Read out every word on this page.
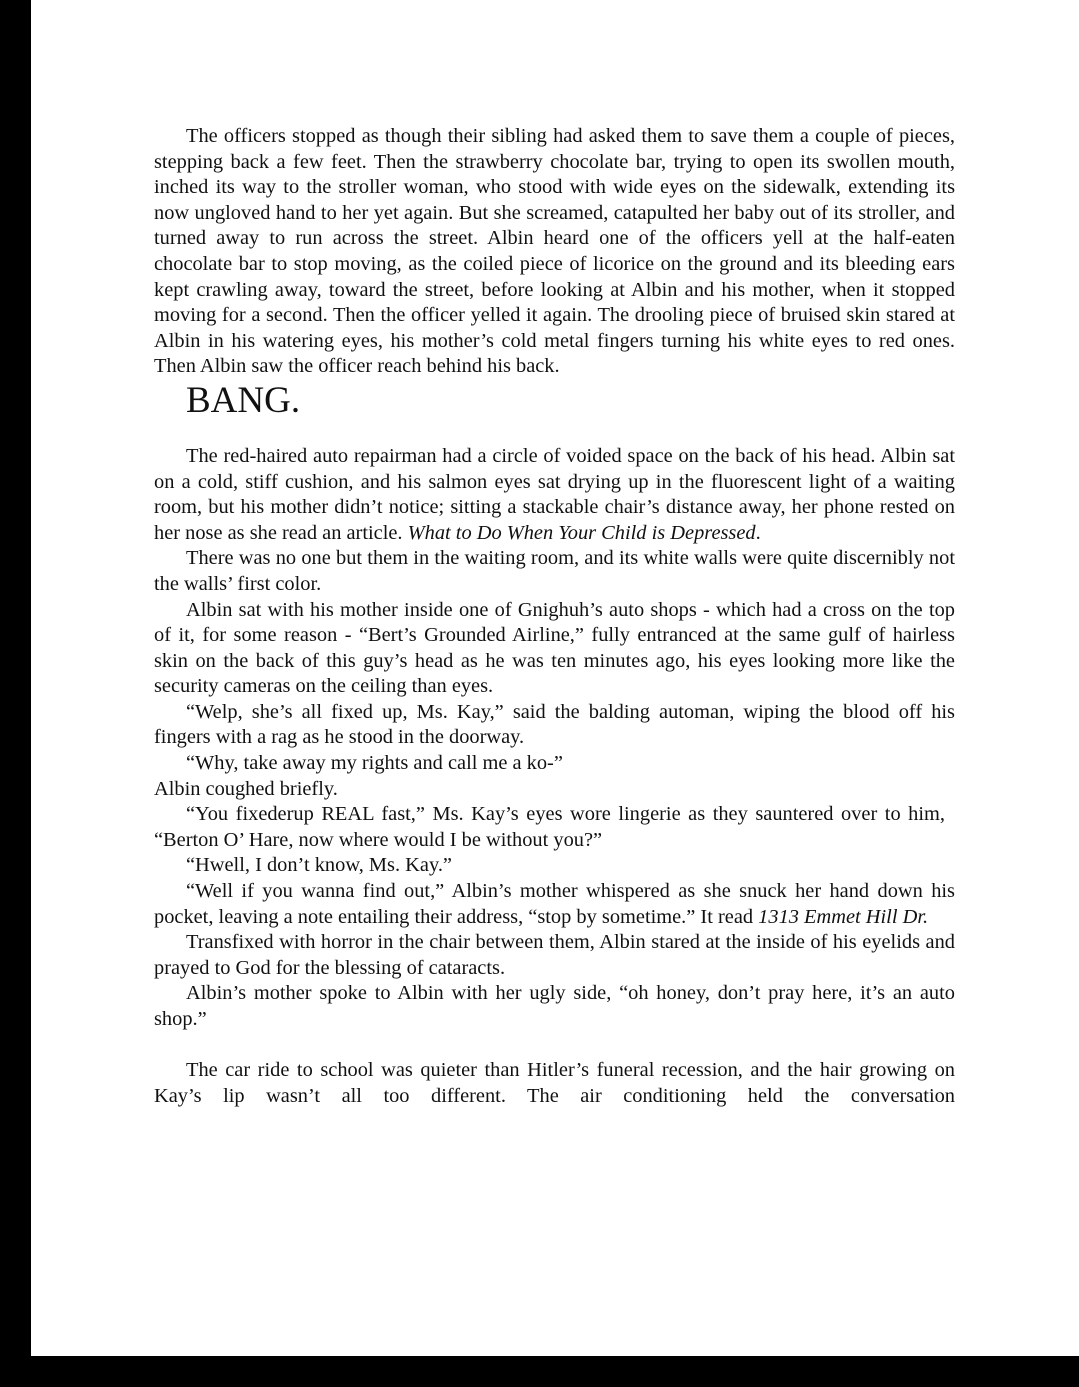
The officers stopped as though their sibling had asked them to save them a couple of pieces, stepping back a few feet. Then the strawberry chocolate bar, trying to open its swollen mouth, inched its way to the stroller woman, who stood with wide eyes on the sidewalk, extending its now ungloved hand to her yet again. But she screamed, catapulted her baby out of its stroller, and turned away to run across the street. Albin heard one of the officers yell at the half-eaten chocolate bar to stop moving, as the coiled piece of licorice on the ground and its bleeding ears kept crawling away, toward the street, before looking at Albin and his mother, when it stopped moving for a second. Then the officer yelled it again. The drooling piece of bruised skin stared at Albin in his watering eyes, his mother’s cold metal fingers turning his white eyes to red ones. Then Albin saw the officer reach behind his back.

BANG.

The red-haired auto repairman had a circle of voided space on the back of his head. Albin sat on a cold, stiff cushion, and his salmon eyes sat drying up in the fluorescent light of a waiting room, but his mother didn’t notice; sitting a stackable chair’s distance away, her phone rested on her nose as she read an article. What to Do When Your Child is Depressed.

There was no one but them in the waiting room, and its white walls were quite discernibly not the walls’ first color.

Albin sat with his mother inside one of Gnighuh’s auto shops - which had a cross on the top of it, for some reason - “Bert’s Grounded Airline,” fully entranced at the same gulf of hairless skin on the back of this guy’s head as he was ten minutes ago, his eyes looking more like the security cameras on the ceiling than eyes.

“Welp, she’s all fixed up, Ms. Kay,” said the balding automan, wiping the blood off his fingers with a rag as he stood in the doorway.

“Why, take away my rights and call me a ko-”

Albin coughed briefly.

“You fixederup REAL fast,” Ms. Kay’s eyes wore lingerie as they sauntered over to him, “Berton O’ Hare, now where would I be without you?”

“Hwell, I don’t know, Ms. Kay.”

“Well if you wanna find out,” Albin’s mother whispered as she snuck her hand down his pocket, leaving a note entailing their address, “stop by sometime.” It read 1313 Emmet Hill Dr.

Transfixed with horror in the chair between them, Albin stared at the inside of his eyelids and prayed to God for the blessing of cataracts.

Albin’s mother spoke to Albin with her ugly side, “oh honey, don’t pray here, it’s an auto shop.”

The car ride to school was quieter than Hitler’s funeral recession, and the hair growing on Kay’s lip wasn’t all too different. The air conditioning held the conversation
